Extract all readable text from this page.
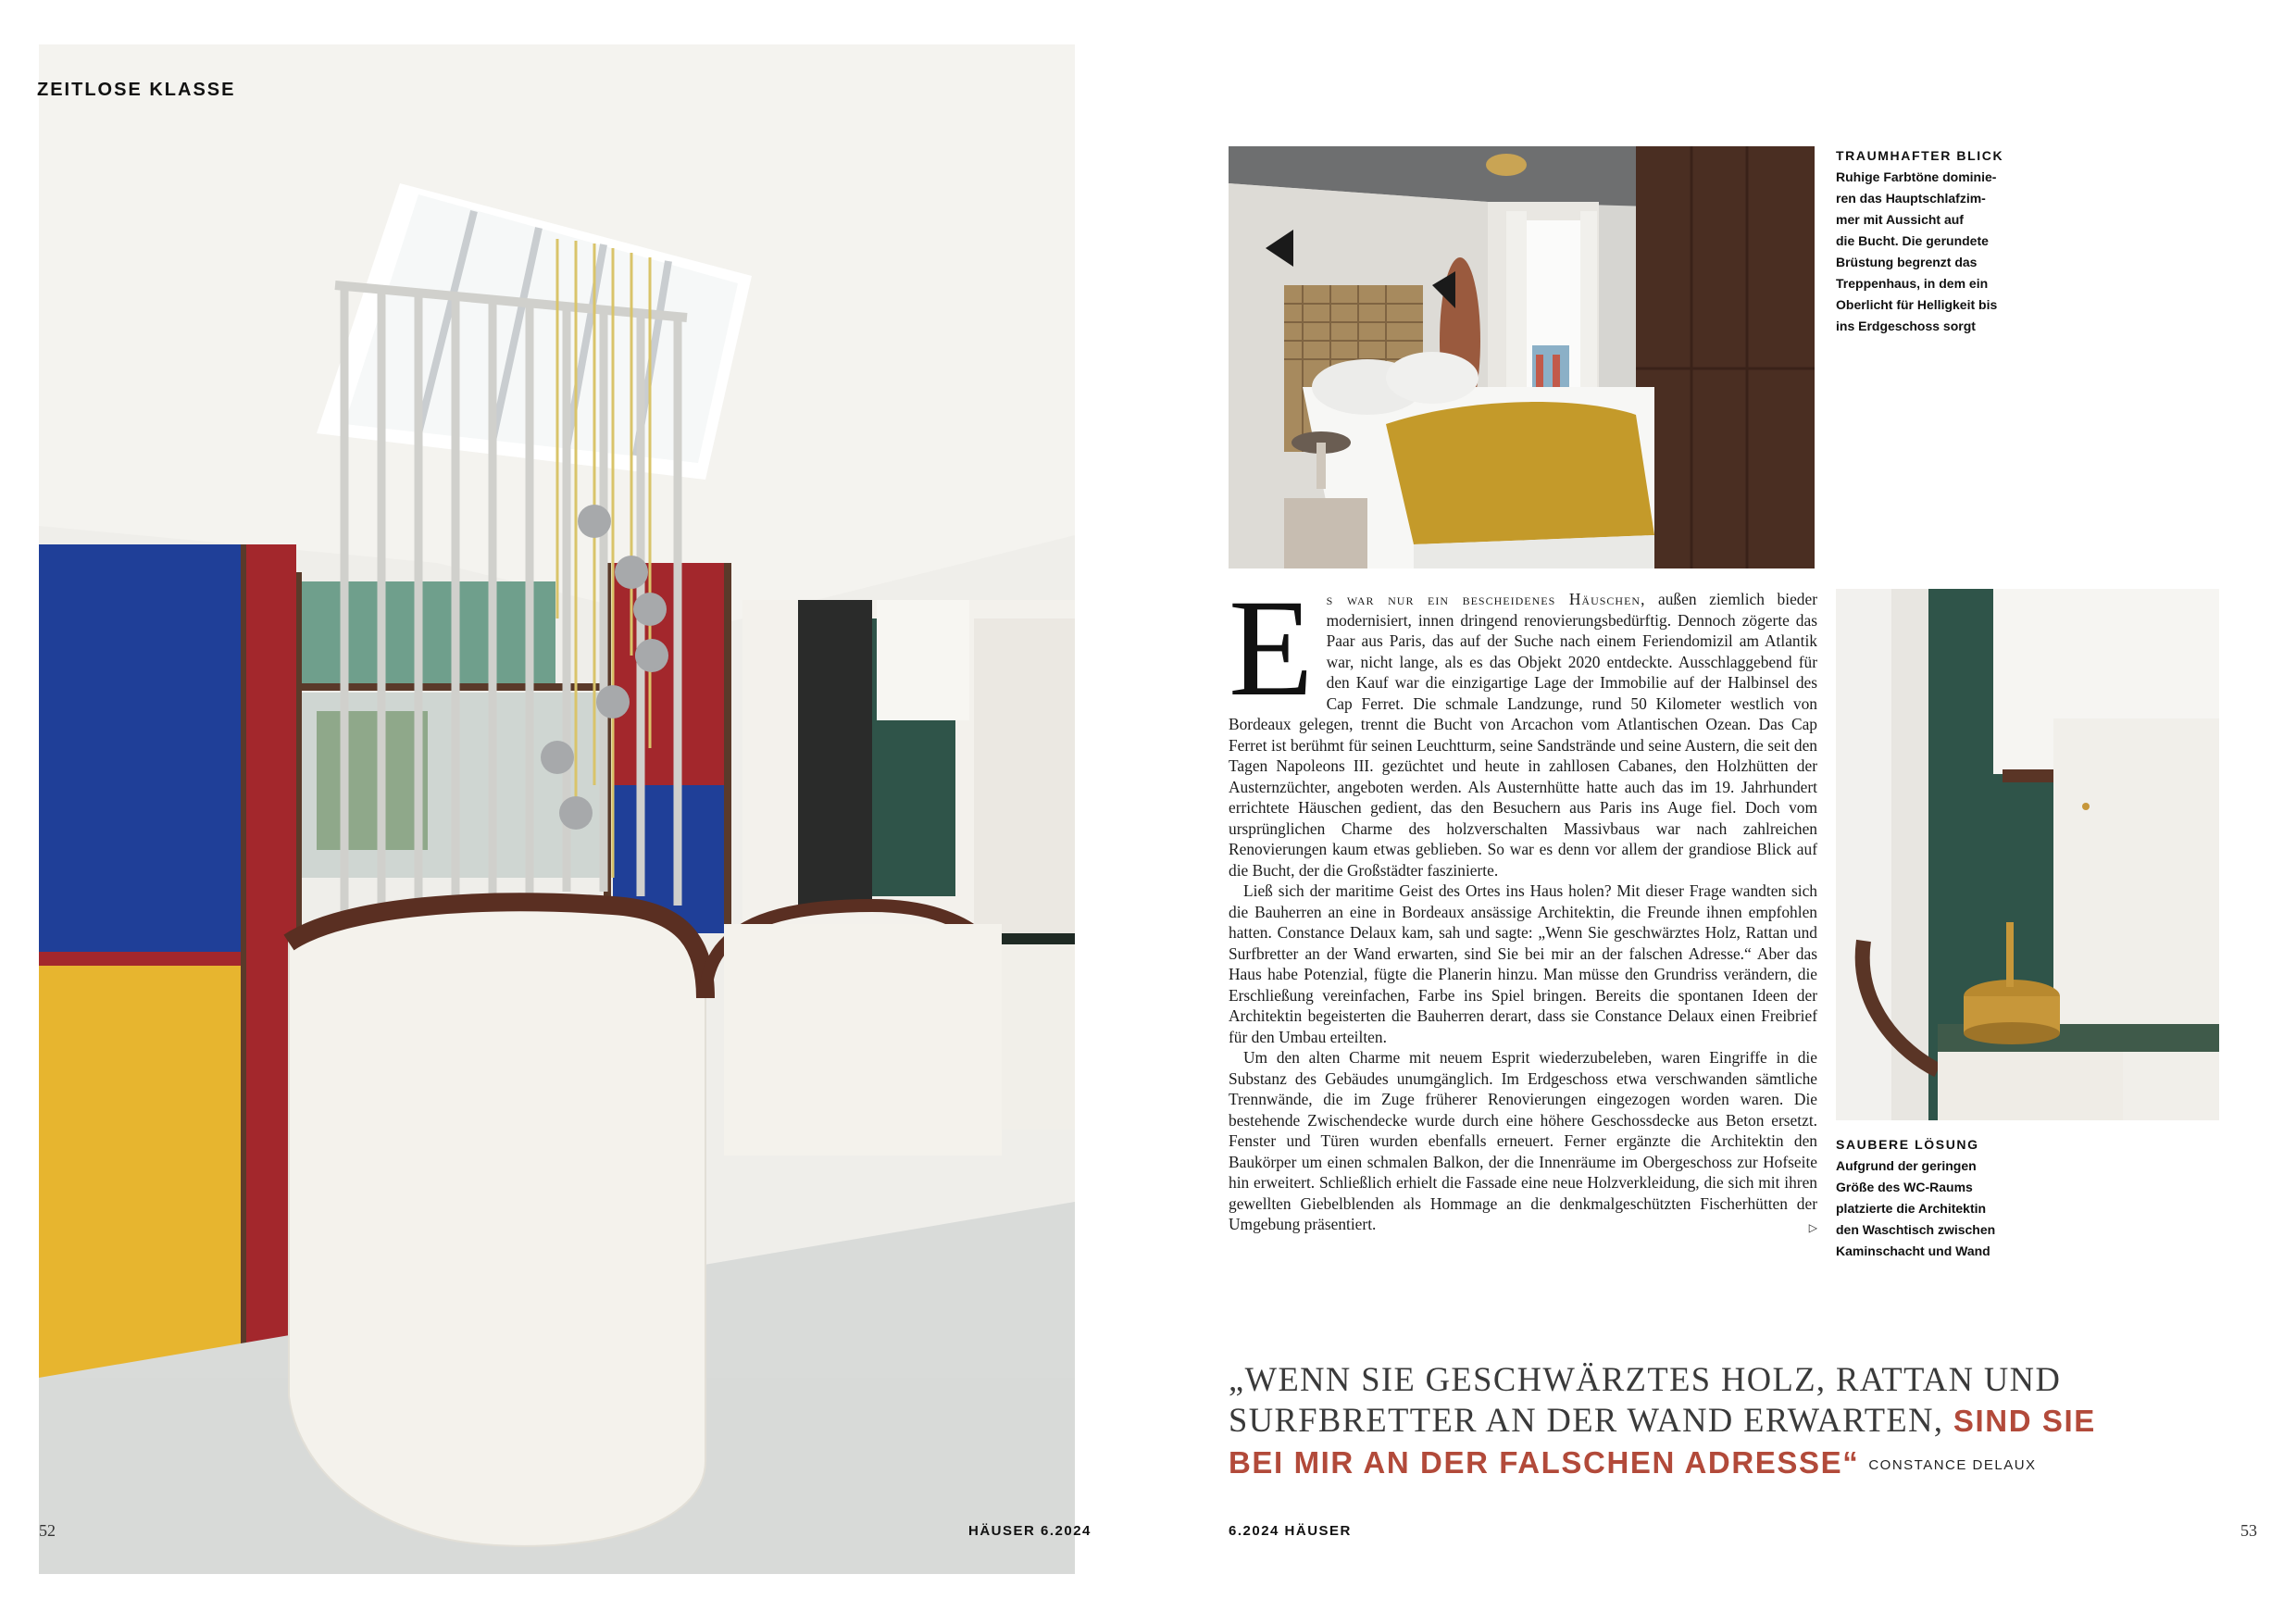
ZEITLOSE KLASSE
52	HÄUSER 6.2024
TRAUMHAFTER BLICK
Ruhige Farbtöne dominie-
ren das Hauptschlafzim-
mer mit Aussicht auf
die Bucht. Die gerundete
Brüstung begrenzt das
Treppenhaus, in dem ein
Oberlicht für Helligkeit bis
ins Erdgeschoss sorgt
SAUBERE LÖSUNG
Aufgrund der geringen
Größe des WC-Raums
platzierte die Architektin
den Waschtisch zwischen
Kaminschacht und Wand

Es war nur ein bescheidenes Häuschen, außen ziemlich bieder modernisiert, innen dringend renovierungsbedürftig. Dennoch zögerte das Paar aus Paris, das auf der Suche nach einem Feriendomizil am Atlantik war, nicht lange, als es das Objekt 2020 entdeckte. Ausschlaggebend für den Kauf war die einzigartige Lage der Immobilie auf der Halbinsel des Cap Ferret. Die schmale Landzunge, rund 50 Kilometer westlich von Bordeaux gelegen, trennt die Bucht von Arcachon vom Atlantischen Ozean. Das Cap Ferret ist berühmt für seinen Leuchtturm, seine Sandstrände und seine Austern, die seit den Tagen Napoleons III. gezüchtet und heute in zahllosen Cabanes, den Holzhütten der Austernzüchter, angeboten werden. Als Austernhütte hatte auch das im 19. Jahrhundert errichtete Häuschen gedient, das den Besuchern aus Paris ins Auge fiel. Doch vom ursprünglichen Charme des holzverschalten Massivbaus war nach zahlreichen Renovierungen kaum etwas geblieben. So war es denn vor allem der grandiose Blick auf die Bucht, der die Großstädter faszinierte.

Ließ sich der maritime Geist des Ortes ins Haus holen? Mit dieser Frage wandten sich die Bauherren an eine in Bordeaux ansässige Architektin, die Freunde ihnen empfohlen hatten. Constance Delaux kam, sah und sagte: „Wenn Sie geschwärztes Holz, Rattan und Surfbretter an der Wand erwarten, sind Sie bei mir an der falschen Adresse.“ Aber das Haus habe Potenzial, fügte die Planerin hinzu. Man müsse den Grundriss verändern, die Erschließung vereinfachen, Farbe ins Spiel bringen. Bereits die spontanen Ideen der Architektin begeisterten die Bauherren derart, dass sie Constance Delaux einen Freibrief für den Umbau erteilten.

Um den alten Charme mit neuem Esprit wiederzubeleben, waren Eingriffe in die Substanz des Gebäudes unumgänglich. Im Erdgeschoss etwa verschwanden sämtliche Trennwände, die im Zuge früherer Renovierungen eingezogen worden waren. Die bestehende Zwischendecke wurde durch eine höhere Geschossdecke aus Beton ersetzt. Fenster und Türen wurden ebenfalls erneuert. Ferner ergänzte die Architektin den Baukörper um einen schmalen Balkon, der die Innenräume im Obergeschoss zur Hofseite hin erweitert. Schließlich erhielt die Fassade eine neue Holzverkleidung, die sich mit ihren gewellten Giebelblenden als Hommage an die denkmalgeschützten Fischerhütten der Umgebung präsentiert.	▷

„WENN SIE GESCHWÄRZTES HOLZ, RATTAN UND SURFBRETTER AN DER WAND ERWARTEN, SIND SIE BEI MIR AN DER FALSCHEN ADRESSE“ CONSTANCE DELAUX
6.2024 HÄUSER	53
